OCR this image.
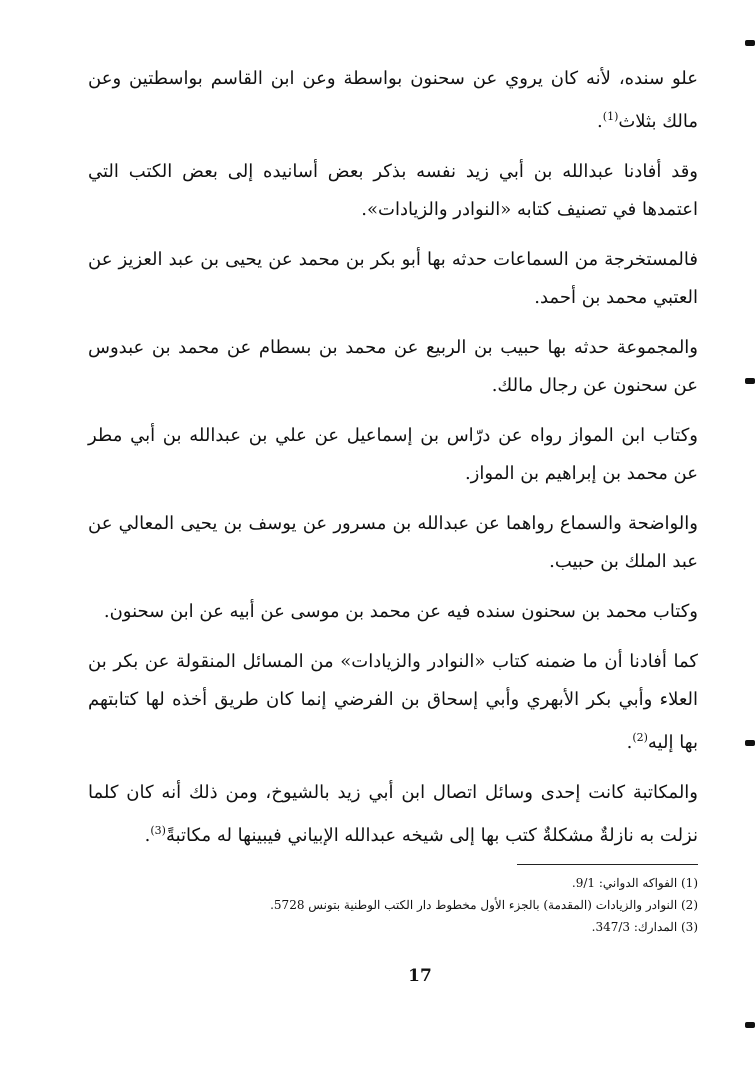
علو سنده، لأنه كان يروي عن سحنون بواسطة وعن ابن القاسم بواسطتين وعن مالك بثلاث$^{(1)}$.

وقد أفادنا عبدالله بن أبي زيد نفسه بذكر بعض أسانيده إلى بعض الكتب التي اعتمدها في تصنيف كتابه «النوادر والزيادات».

فالمستخرجة من السماعات حدثه بها أبو بكر بن محمد عن يحيى بن عبد العزيز عن العتبي محمد بن أحمد.

والمجموعة حدثه بها حبيب بن الربيع عن محمد بن بسطام عن محمد بن عبدوس عن سحنون عن رجال مالك.

وكتاب ابن المواز رواه عن درّاس بن إسماعيل عن علي بن عبدالله بن أبي مطر عن محمد بن إبراهيم بن المواز.

والواضحة والسماع رواهما عن عبدالله بن مسرور عن يوسف بن يحيى المعالي عن عبد الملك بن حبيب.

وكتاب محمد بن سحنون سنده فيه عن محمد بن موسى عن أبيه عن ابن سحنون.

كما أفادنا أن ما ضمنه كتاب «النوادر والزيادات» من المسائل المنقولة عن بكر بن العلاء وأبي بكر الأبهري وأبي إسحاق بن الفرضي إنما كان طريق أخذه لها كتابتهم بها إليه$^{(2)}$.

والمكاتبة كانت إحدى وسائل اتصال ابن أبي زيد بالشيوخ، ومن ذلك أنه كان كلما نزلت به نازلةٌ مشكلةٌ كتب بها إلى شيخه عبدالله الإبياني فيبينها له مكاتبةً$^{(3)}$.

(1) الفواكه الدواني: 9/1.
(2) النوادر والزيادات (المقدمة) بالجزء الأول مخطوط دار الكتب الوطنية بتونس 5728.
(3) المدارك: 347/3.
17
